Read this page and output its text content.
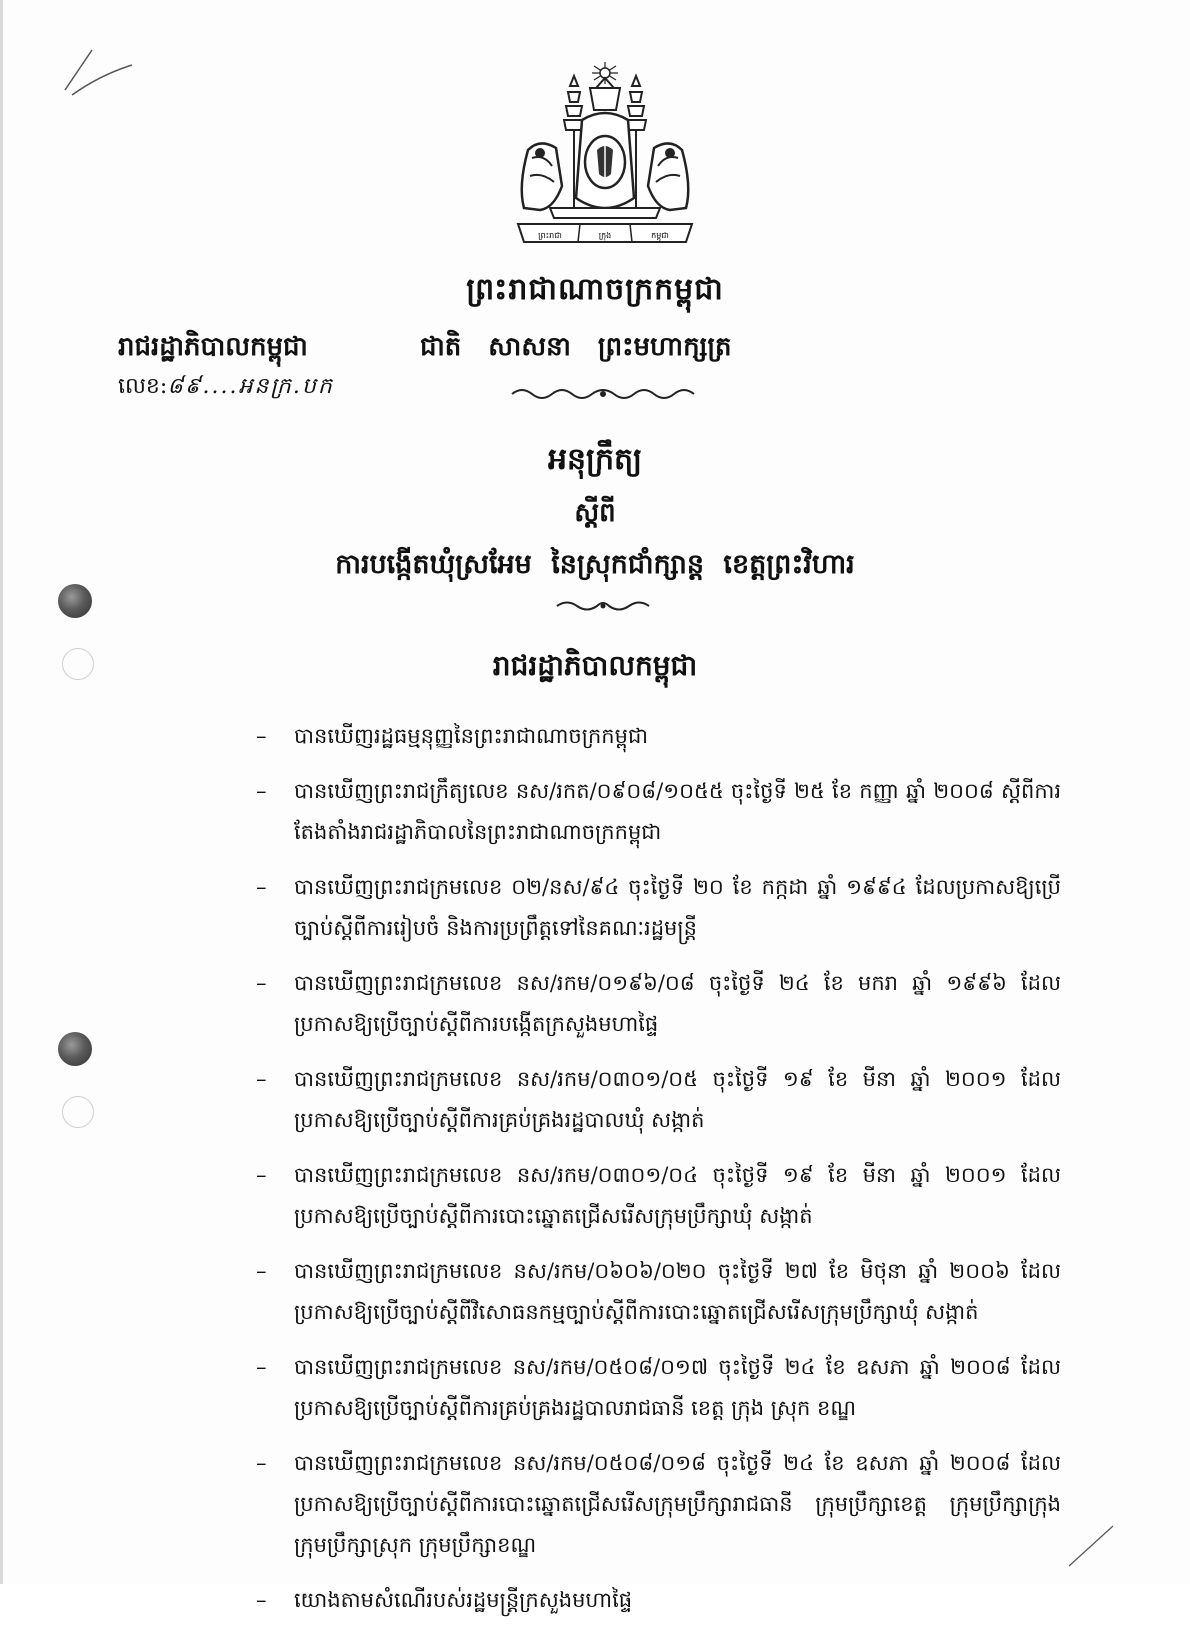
ព្រះរាជា	ក្រុង	កម្ពុជា
ព្រះរាជាណាចក្រកម្ពុជា
រាជរដ្ឋាភិបាលកម្ពុជា	ជាតិ សាសនា ព្រះមហាក្សត្រ
លេខ:៨៩....អនក្រ.បក
អនុក្រឹត្យ
ស្តីពី
ការបង្កើតឃុំស្រអែម នៃស្រុកជាំក្សាន្ត ខេត្តព្រះវិហារ
រាជរដ្ឋាភិបាលកម្ពុជា
– បានឃើញរដ្ឋធម្មនុញ្ញនៃព្រះរាជាណាចក្រកម្ពុជា
– បានឃើញព្រះរាជក្រឹត្យលេខ នស/រកត/០៩០៨/១០៥៥ ចុះថ្ងៃទី ២៥ ខែ កញ្ញា ឆ្នាំ ២០០៨ ស្តីពីការតែងតាំងរាជរដ្ឋាភិបាលនៃព្រះរាជាណាចក្រកម្ពុជា
– បានឃើញព្រះរាជក្រមលេខ ០២/នស/៩៤ ចុះថ្ងៃទី ២០ ខែ កក្កដា ឆ្នាំ ១៩៩៤ ដែលប្រកាសឱ្យប្រើច្បាប់ស្តីពីការរៀបចំ និងការប្រព្រឹត្តទៅនៃគណៈរដ្ឋមន្ត្រី
– បានឃើញព្រះរាជក្រមលេខ នស/រកម/០១៩៦/០៨ ចុះថ្ងៃទី ២៤ ខែ មករា ឆ្នាំ ១៩៩៦ ដែលប្រកាសឱ្យប្រើច្បាប់ស្តីពីការបង្កើតក្រសួងមហាផ្ទៃ
– បានឃើញព្រះរាជក្រមលេខ នស/រកម/០៣០១/០៥ ចុះថ្ងៃទី ១៩ ខែ មីនា ឆ្នាំ ២០០១ ដែលប្រកាសឱ្យប្រើច្បាប់ស្តីពីការគ្រប់គ្រងរដ្ឋបាលឃុំ សង្កាត់
– បានឃើញព្រះរាជក្រមលេខ នស/រកម/០៣០១/០៤ ចុះថ្ងៃទី ១៩ ខែ មីនា ឆ្នាំ ២០០១ ដែលប្រកាសឱ្យប្រើច្បាប់ស្តីពីការបោះឆ្នោតជ្រើសរើសក្រុមប្រឹក្សាឃុំ សង្កាត់
– បានឃើញព្រះរាជក្រមលេខ នស/រកម/០៦០៦/០២០ ចុះថ្ងៃទី ២៧ ខែ មិថុនា ឆ្នាំ ២០០៦ ដែលប្រកាសឱ្យប្រើច្បាប់ស្តីពីវិសោធនកម្មច្បាប់ស្តីពីការបោះឆ្នោតជ្រើសរើសក្រុមប្រឹក្សាឃុំ សង្កាត់
– បានឃើញព្រះរាជក្រមលេខ នស/រកម/០៥០៨/០១៧ ចុះថ្ងៃទី ២៤ ខែ ឧសភា ឆ្នាំ ២០០៨ ដែលប្រកាសឱ្យប្រើច្បាប់ស្តីពីការគ្រប់គ្រងរដ្ឋបាលរាជធានី ខេត្ត ក្រុង ស្រុក ខណ្ឌ
– បានឃើញព្រះរាជក្រមលេខ នស/រកម/០៥០៨/០១៨ ចុះថ្ងៃទី ២៤ ខែ ឧសភា ឆ្នាំ ២០០៨ ដែលប្រកាសឱ្យប្រើច្បាប់ស្តីពីការបោះឆ្នោតជ្រើសរើសក្រុមប្រឹក្សារាជធានី ក្រុមប្រឹក្សាខេត្ត ក្រុមប្រឹក្សាក្រុង ក្រុមប្រឹក្សាស្រុក ក្រុមប្រឹក្សាខណ្ឌ
– យោងតាមសំណើរបស់រដ្ឋមន្ត្រីក្រសួងមហាផ្ទៃ
